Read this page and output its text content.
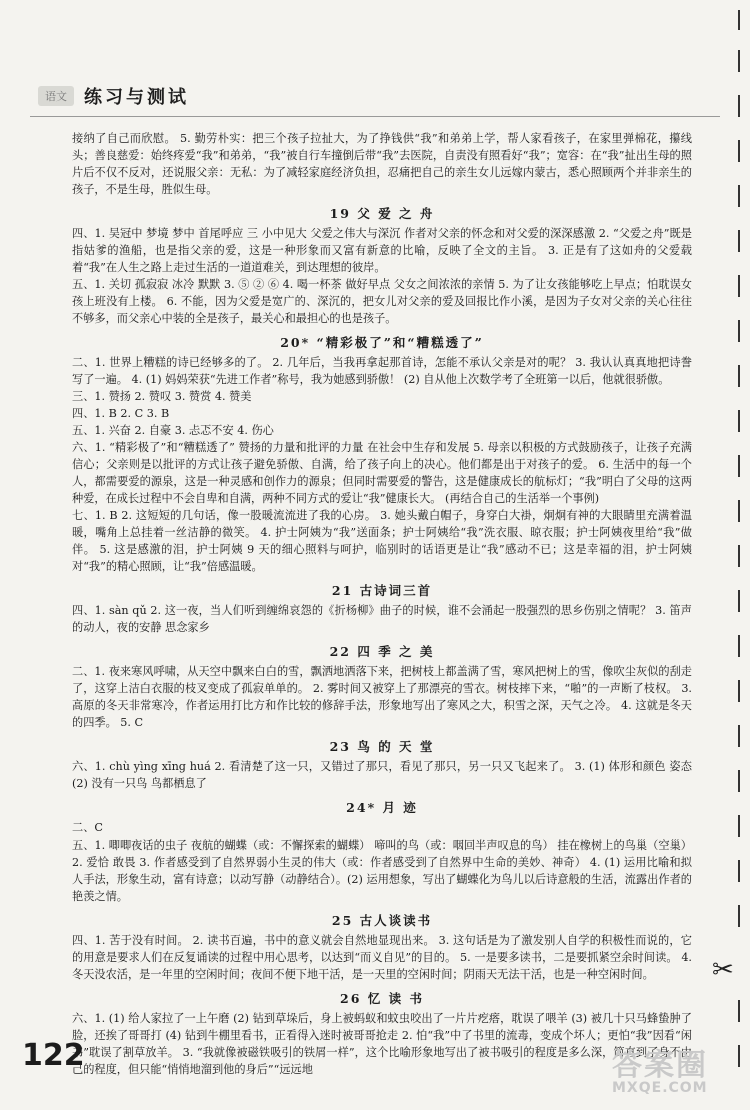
语文 练习与测试

接纳了自己而欣慰。 5. 勤劳朴实：把三个孩子拉扯大，为了挣钱供“我”和弟弟上学，帮人家看孩子，在家里弹棉花，攥线头；善良慈爱：始终疼爱“我”和弟弟，“我”被自行车撞倒后带“我”去医院，自责没有照看好“我”；宽容：在“我”扯出生母的照片后不仅不反对，还说服父亲：无私：为了减轻家庭经济负担，忍痛把自己的亲生女儿远嫁内蒙古，悉心照顾两个并非亲生的孩子，不是生母，胜似生母。

19 父 爱 之 舟

四、1. 吴冠中 梦境 梦中 首尾呼应 三 小中见大 父爱之伟大与深沉 作者对父亲的怀念和对父爱的深深感激 2. “父爱之舟”既是指姑爹的渔船，也是指父亲的爱，这是一种形象而又富有新意的比喻，反映了全文的主旨。 3. 正是有了这如舟的父爱载着“我”在人生之路上走过生活的一道道难关，到达理想的彼岸。

五、1. 关切 孤寂寂 冰冷 默默 3. ⑤ ② ⑥ 4. 喝一杯茶 做好早点 父女之间浓浓的亲情 5. 为了让女孩能够吃上早点；怕耽误女孩上班没有上楼。 6. 不能，因为父爱是宽广的、深沉的，把女儿对父亲的爱及回报比作小溪，是因为子女对父亲的关心往往不够多，而父亲心中装的全是孩子，最关心和最担心的也是孩子。

20* “精彩极了”和“糟糕透了”

二、1. 世界上糟糕的诗已经够多的了。 2. 几年后，当我再拿起那首诗，怎能不承认父亲是对的呢？ 3. 我认认真真地把诗誊写了一遍。 4. (1) 妈妈荣获“先进工作者”称号，我为她感到骄傲！ (2) 自从他上次数学考了全班第一以后，他就很骄傲。

三、1. 赞扬 2. 赞叹 3. 赞赏 4. 赞美

四、1. B 2. C 3. B

五、1. 兴奋 2. 自豪 3. 忐忑不安 4. 伤心

六、1. “精彩极了”和“糟糕透了” 赞扬的力量和批评的力量 在社会中生存和发展 5. 母亲以积极的方式鼓励孩子，让孩子充满信心；父亲则是以批评的方式让孩子避免骄傲、自满，给了孩子向上的决心。他们都是出于对孩子的爱。 6. 生活中的每一个人，都需要爱的源泉，这是一种灵感和创作力的源泉；但同时需要爱的警告，这是健康成长的航标灯；“我”明白了父母的这两种爱，在成长过程中不会自卑和自满，两种不同方式的爱让“我”健康长大。 (再结合自己的生活举一个事例)

七、1. B 2. 这短短的几句话，像一股暖流流进了我的心房。 3. 她头戴白帽子，身穿白大褂，炯炯有神的大眼睛里充满着温暖，嘴角上总挂着一丝洁静的微笑。 4. 护士阿姨为“我”送面条；护士阿姨给“我”洗衣服、晾衣服；护士阿姨夜里给“我”做伴。 5. 这是感激的泪，护士阿姨 9 天的细心照料与呵护，临别时的话语更是让“我”感动不已；这是幸福的泪，护士阿姨对“我”的精心照顾，让“我”倍感温暖。

21 古诗词三首

四、1. sàn qǔ 2. 这一夜，当人们听到缠绵哀怨的《折杨柳》曲子的时候，谁不会涌起一股强烈的思乡伤别之情呢？ 3. 笛声的动人，夜的安静 思念家乡

22 四 季 之 美

二、1. 夜来寒风呼啸，从天空中飘来白白的雪，飘洒地洒落下来，把树枝上都盖满了雪，寒风把树上的雪，像吹尘灰似的刮走了，这穿上洁白衣服的枝叉变成了孤寂单单的。 2. 雾时间又被穿上了那漂亮的雪衣。树枝摔下来，“啪”的一声断了枝权。 3. 高原的冬天非常寒冷，作者运用打比方和作比较的修辞手法，形象地写出了寒风之大，积雪之深，天气之冷。 4. 这就是冬天的四季。 5. C

23 鸟 的 天 堂

六、1. chù yìng xīng huá 2. 看清楚了这一只，又错过了那只，看见了那只，另一只又飞起来了。 3. (1) 体形和颜色 姿态 (2) 没有一只鸟 鸟都栖息了

24* 月 迹

二、C

五、1. 唧唧夜话的虫子 夜航的蝴蝶（或：不懈探索的蝴蝶） 啼叫的鸟（或：咽回半声叹息的鸟） 挂在橡树上的鸟巢（空巢） 2. 爱恰 敢畏 3. 作者感受到了自然界弱小生灵的伟大（或：作者感受到了自然界中生命的美妙、神奇） 4. (1) 运用比喻和拟人手法，形象生动，富有诗意；以动写静（动静结合）。(2) 运用想象，写出了蝴蝶化为鸟儿以后诗意般的生活，流露出作者的艳羡之情。

25 古人谈读书

四、1. 苦于没有时间。 2. 读书百遍，书中的意义就会自然地显现出来。 3. 这句话是为了激发别人自学的积极性而说的，它的用意是要求人们在反复诵读的过程中用心思考，以达到“而义自见”的目的。 5. 一是要多读书，二是要抓紧空余时间读。 4. 冬天没农活，是一年里的空闲时间；夜间不便下地干活，是一天里的空闲时间；阴雨天无法干活，也是一种空闲时间。

26 忆 读 书

六、1. (1) 给人家拉了一上午磨 (2) 钻到草垛后，身上被蚂蚁和蚊虫咬出了一片片疙瘩，耽误了喂羊 (3) 被几十只马蜂蛰肿了脸，还挨了哥哥打 (4) 钻到牛棚里看书，正看得入迷时被哥哥抢走 2. 怕“我”中了书里的流毒，变成个坏人；更怕“我”因看“闲书”耽误了割草放羊。 3. “我就像被磁铁吸引的铁屑一样”，这个比喻形象地写出了被书吸引的程度是多么深，简直到了身不由己的程度，但只能“悄悄地溜到他的身后”“远远地

122
✂
答案圈
MXQE.COM
